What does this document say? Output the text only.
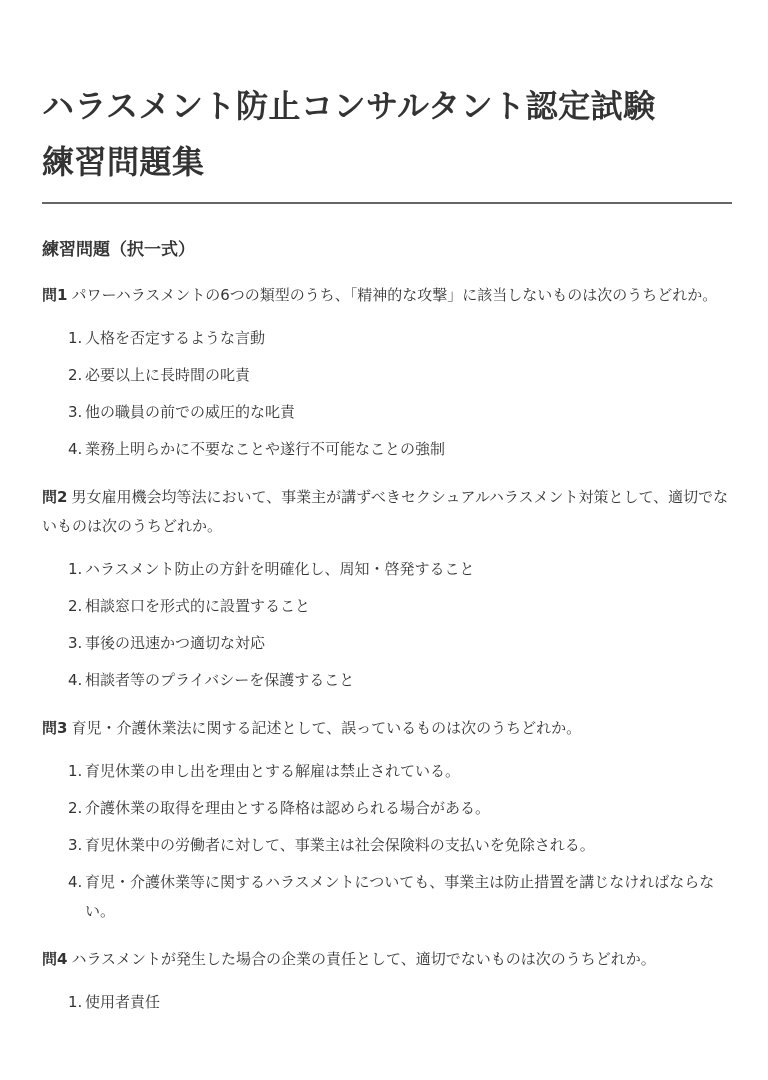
ハラスメント防止コンサルタント認定試験
練習問題集
練習問題（択一式）

問1 パワーハラスメントの6つの類型のうち、「精神的な攻撃」に該当しないものは次のうちどれか。

1. 人格を否定するような言動
2. 必要以上に長時間の叱責
3. 他の職員の前での威圧的な叱責
4. 業務上明らかに不要なことや遂行不可能なことの強制

問2 男女雇用機会均等法において、事業主が講ずべきセクシュアルハラスメント対策として、適切でないものは次のうちどれか。

1. ハラスメント防止の方針を明確化し、周知・啓発すること
2. 相談窓口を形式的に設置すること
3. 事後の迅速かつ適切な対応
4. 相談者等のプライバシーを保護すること

問3 育児・介護休業法に関する記述として、誤っているものは次のうちどれか。

1. 育児休業の申し出を理由とする解雇は禁止されている。
2. 介護休業の取得を理由とする降格は認められる場合がある。
3. 育児休業中の労働者に対して、事業主は社会保険料の支払いを免除される。
4. 育児・介護休業等に関するハラスメントについても、事業主は防止措置を講じなければならない。

問4 ハラスメントが発生した場合の企業の責任として、適切でないものは次のうちどれか。

1. 使用者責任
